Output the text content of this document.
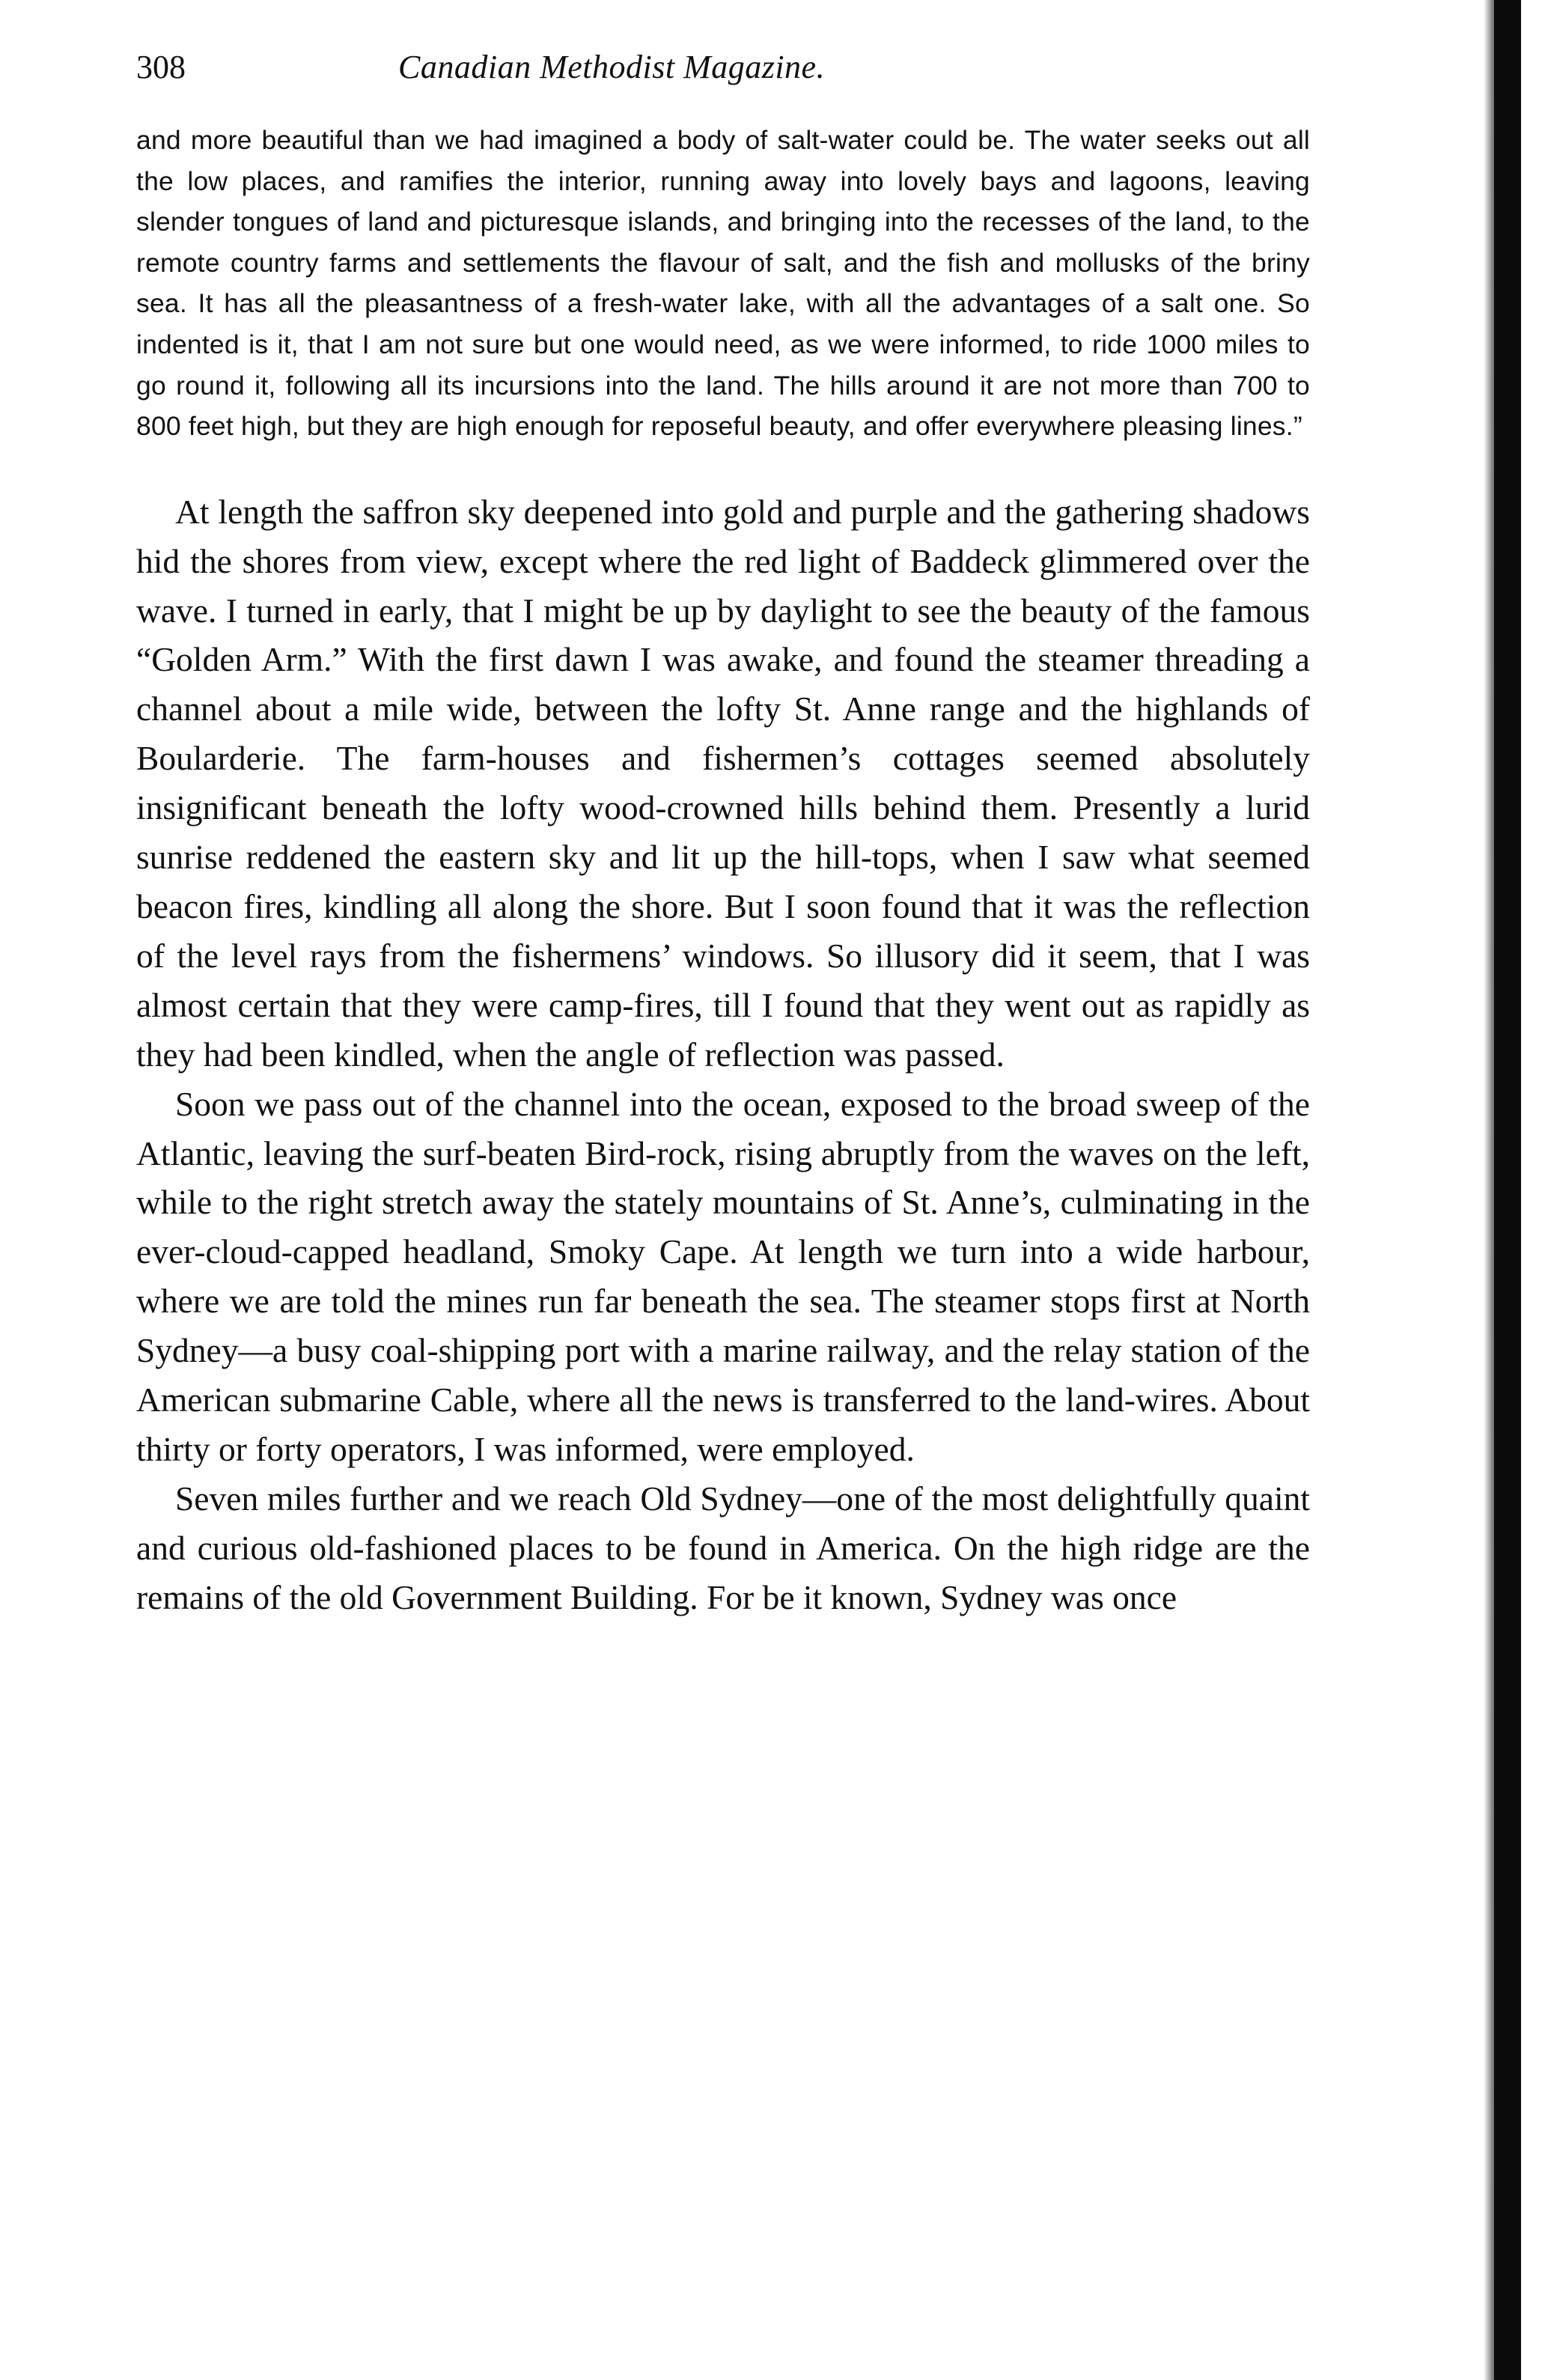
308	Canadian Methodist Magazine.
and more beautiful than we had imagined a body of salt-water could be. The water seeks out all the low places, and ramifies the interior, running away into lovely bays and lagoons, leaving slender tongues of land and picturesque islands, and bringing into the recesses of the land, to the remote country farms and settlements the flavour of salt, and the fish and mollusks of the briny sea. It has all the pleasantness of a fresh-water lake, with all the advantages of a salt one. So indented is it, that I am not sure but one would need, as we were informed, to ride 1000 miles to go round it, following all its incursions into the land. The hills around it are not more than 700 to 800 feet high, but they are high enough for reposeful beauty, and offer everywhere pleasing lines.”

At length the saffron sky deepened into gold and purple and the gathering shadows hid the shores from view, except where the red light of Baddeck glimmered over the wave. I turned in early, that I might be up by daylight to see the beauty of the famous “Golden Arm.” With the first dawn I was awake, and found the steamer threading a channel about a mile wide, between the lofty St. Anne range and the highlands of Boularderie. The farm-houses and fishermen’s cottages seemed absolutely insignificant beneath the lofty wood-crowned hills behind them. Presently a lurid sunrise reddened the eastern sky and lit up the hill-tops, when I saw what seemed beacon fires, kindling all along the shore. But I soon found that it was the reflection of the level rays from the fishermens’ windows. So illusory did it seem, that I was almost certain that they were camp-fires, till I found that they went out as rapidly as they had been kindled, when the angle of reflection was passed.

Soon we pass out of the channel into the ocean, exposed to the broad sweep of the Atlantic, leaving the surf-beaten Bird-rock, rising abruptly from the waves on the left, while to the right stretch away the stately mountains of St. Anne’s, culminating in the ever-cloud-capped headland, Smoky Cape. At length we turn into a wide harbour, where we are told the mines run far beneath the sea. The steamer stops first at North Sydney—a busy coal-shipping port with a marine railway, and the relay station of the American submarine Cable, where all the news is transferred to the land-wires. About thirty or forty operators, I was informed, were employed.

Seven miles further and we reach Old Sydney—one of the most delightfully quaint and curious old-fashioned places to be found in America. On the high ridge are the remains of the old Government Building. For be it known, Sydney was once
